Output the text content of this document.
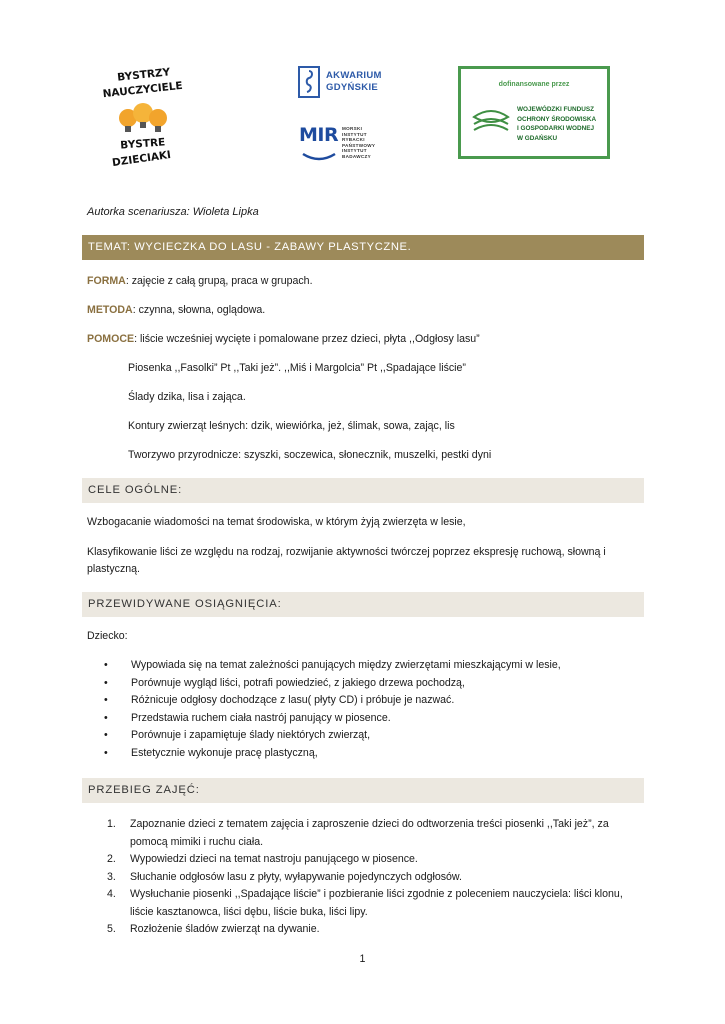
BYSTRZY
NAUCZYCIELE
BYSTRE
DZIECIAKI
AKWARIUM
GDYŃSKIE
MIR MORSKI
INSTYTUT
RYBACKI
PAŃSTWOWY
INSTYTUT
BADAWCZY
dofinansowane przez
WOJEWÓDZKI FUNDUSZ
OCHRONY ŚRODOWISKA
I GOSPODARKI WODNEJ
W GDAŃSKU
Autorka scenariusza: Wioleta Lipka
TEMAT: WYCIECZKA DO LASU - ZABAWY PLASTYCZNE.
FORMA: zajęcie z całą grupą, praca w grupach.
METODA: czynna, słowna, oglądowa.
POMOCE: liście wcześniej wycięte i pomalowane przez dzieci, płyta ,,Odgłosy lasu”
Piosenka ,,Fasolki” Pt ,,Taki jeż”. ,,Miś i Margolcia” Pt ,,Spadające liście”
Ślady dzika, lisa i zająca.
Kontury zwierząt leśnych: dzik, wiewiórka, jeż, ślimak, sowa, zając, lis
Tworzywo przyrodnicze: szyszki, soczewica, słonecznik, muszelki, pestki dyni
CELE OGÓLNE:
Wzbogacanie wiadomości na temat środowiska, w którym żyją zwierzęta w lesie,
Klasyfikowanie liści ze względu na rodzaj, rozwijanie aktywności twórczej poprzez ekspresję ruchową, słowną i plastyczną.
PRZEWIDYWANE OSIĄGNIĘCIA:
Dziecko:
• Wypowiada się na temat zależności panujących między zwierzętami mieszkającymi w lesie,
• Porównuje wygląd liści, potrafi powiedzieć, z jakiego drzewa pochodzą,
• Różnicuje odgłosy dochodzące z lasu( płyty CD) i próbuje je nazwać.
• Przedstawia ruchem ciała nastrój panujący w piosence.
• Porównuje i zapamiętuje ślady niektórych zwierząt,
• Estetycznie wykonuje pracę plastyczną,
PRZEBIEG ZAJĘĆ:
1. Zapoznanie dzieci z tematem zajęcia i zaproszenie dzieci do odtworzenia treści piosenki ,,Taki jeż”, za pomocą mimiki i ruchu ciała.
2. Wypowiedzi dzieci na temat nastroju panującego w piosence.
3. Słuchanie odgłosów lasu z płyty, wyłapywanie pojedynczych odgłosów.
4. Wysłuchanie piosenki ,,Spadające liście” i pozbieranie liści zgodnie z poleceniem nauczyciela: liści klonu, liście kasztanowca, liści dębu, liście buka, liści lipy.
5. Rozłożenie śladów zwierząt na dywanie.
1
